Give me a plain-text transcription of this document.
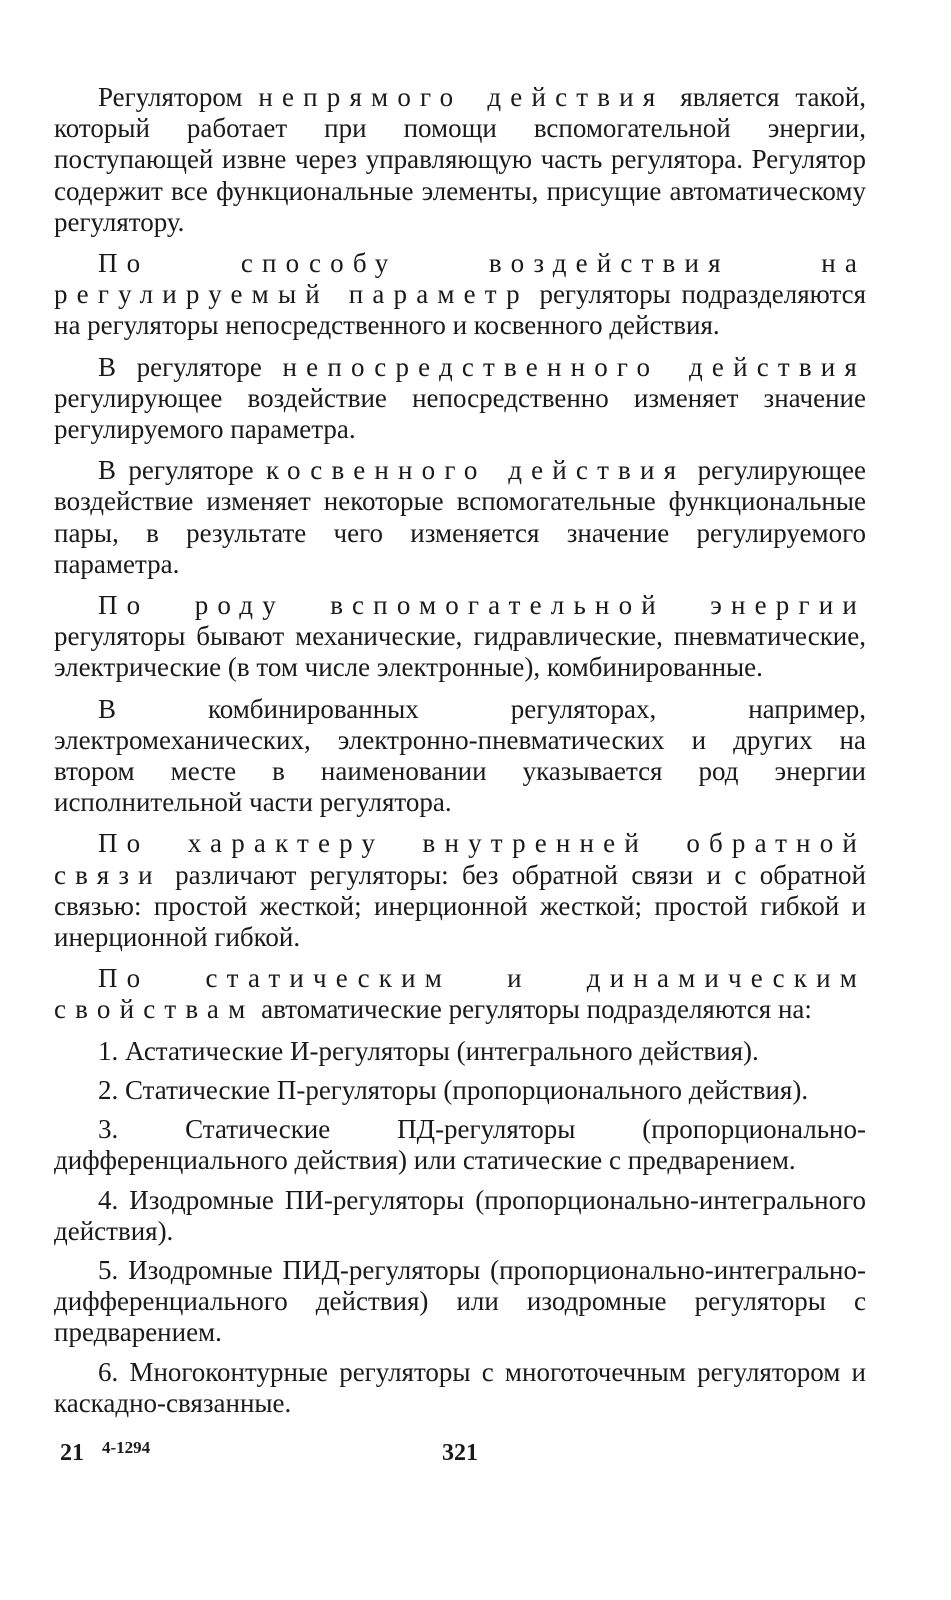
Регулятором непрямого действия является такой, который работает при помощи вспомогательной энергии, поступающей извне через управляющую часть регулятора. Регулятор содержит все функциональные элементы, присущие автоматическому регулятору.

По способу воздействия на регулируемый параметр регуляторы подразделяются на регуляторы непосредственного и косвенного действия.

В регуляторе непосредственного действия регулирующее воздействие непосредственно изменяет значение регулируемого параметра.

В регуляторе косвенного действия регулирующее воздействие изменяет некоторые вспомогательные функциональные пары, в результате чего изменяется значение регулируемого параметра.

По роду вспомогательной энергии регуляторы бывают механические, гидравлические, пневматические, электрические (в том числе электронные), комбинированные.

В комбинированных регуляторах, например, электромеханических, электронно-пневматических и других на втором месте в наименовании указывается род энергии исполнительной части регулятора.

По характеру внутренней обратной связи различают регуляторы: без обратной связи и с обратной связью: простой жесткой; инерционной жесткой; простой гибкой и инерционной гибкой.

По статическим и динамическим свойствам автоматические регуляторы подразделяются на:

1. Астатические И-регуляторы (интегрального действия).

2. Статические П-регуляторы (пропорционального действия).

3. Статические ПД-регуляторы (пропорционально-дифференциального действия) или статические с предварением.

4. Изодромные ПИ-регуляторы (пропорционально-интегрального действия).

5. Изодромные ПИД-регуляторы (пропорционально-интегрально-дифференциального действия) или изодромные регуляторы с предварением.

6. Многоконтурные регуляторы с многоточечным регулятором и каскадно-связанные.

21 4-1294	321
